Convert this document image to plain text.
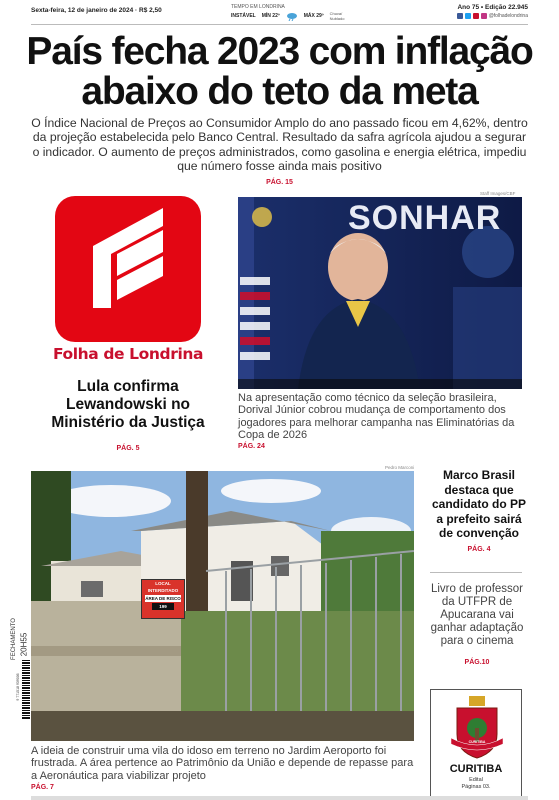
Sexta-feira, 12 de janeiro de 2024 · R$ 2,50	TEMPO EM LONDRINA
INSTÁVEL MÍN 22º	MÁX 29º Chuva/ Nublado
Ano 75 • Edição 22.945
@folhadelondrina
País fecha 2023 com inflação abaixo do teto da meta

O Índice Nacional de Preços ao Consumidor Amplo do ano passado ficou em 4,62%, dentro da projeção estabelecida pelo Banco Central. Resultado da safra agrícola ajudou a segurar o indicador. O aumento de preços administrados, como gasolina e energia elétrica, impediu que número fosse ainda mais positivo
PÁG. 15

Folha de Londrina
Lula confirma Lewandowski no Ministério da Justiça
PÁG. 5
Staff Images/CBF
SONHAR
Na apresentação como técnico da seleção brasileira, Dorival Júnior cobrou mudança de comportamento dos jogadores para melhorar campanha nas Eliminatórias da Copa de 2026
PÁG. 24
Pedro Marconi
LOCAL INTERDITADO
ÁREA DE RISCO
199
A ideia de construir uma vila do idoso em terreno no Jardim Aeroporto foi frustrada. A área pertence ao Patrimônio da União e depende de repasse para a Aeronáutica para viabilizar projeto
PÁG. 7
FECHAMENTO 20H55
9 771518 939006
Marco Brasil destaca que candidato do PP a prefeito sairá de convenção
PÁG. 4
Livro de professor da UTFPR de Apucarana vai ganhar adaptação para o cinema
PÁG.10
CURITIBA
CURITIBA
Edital
Páginas 03.
